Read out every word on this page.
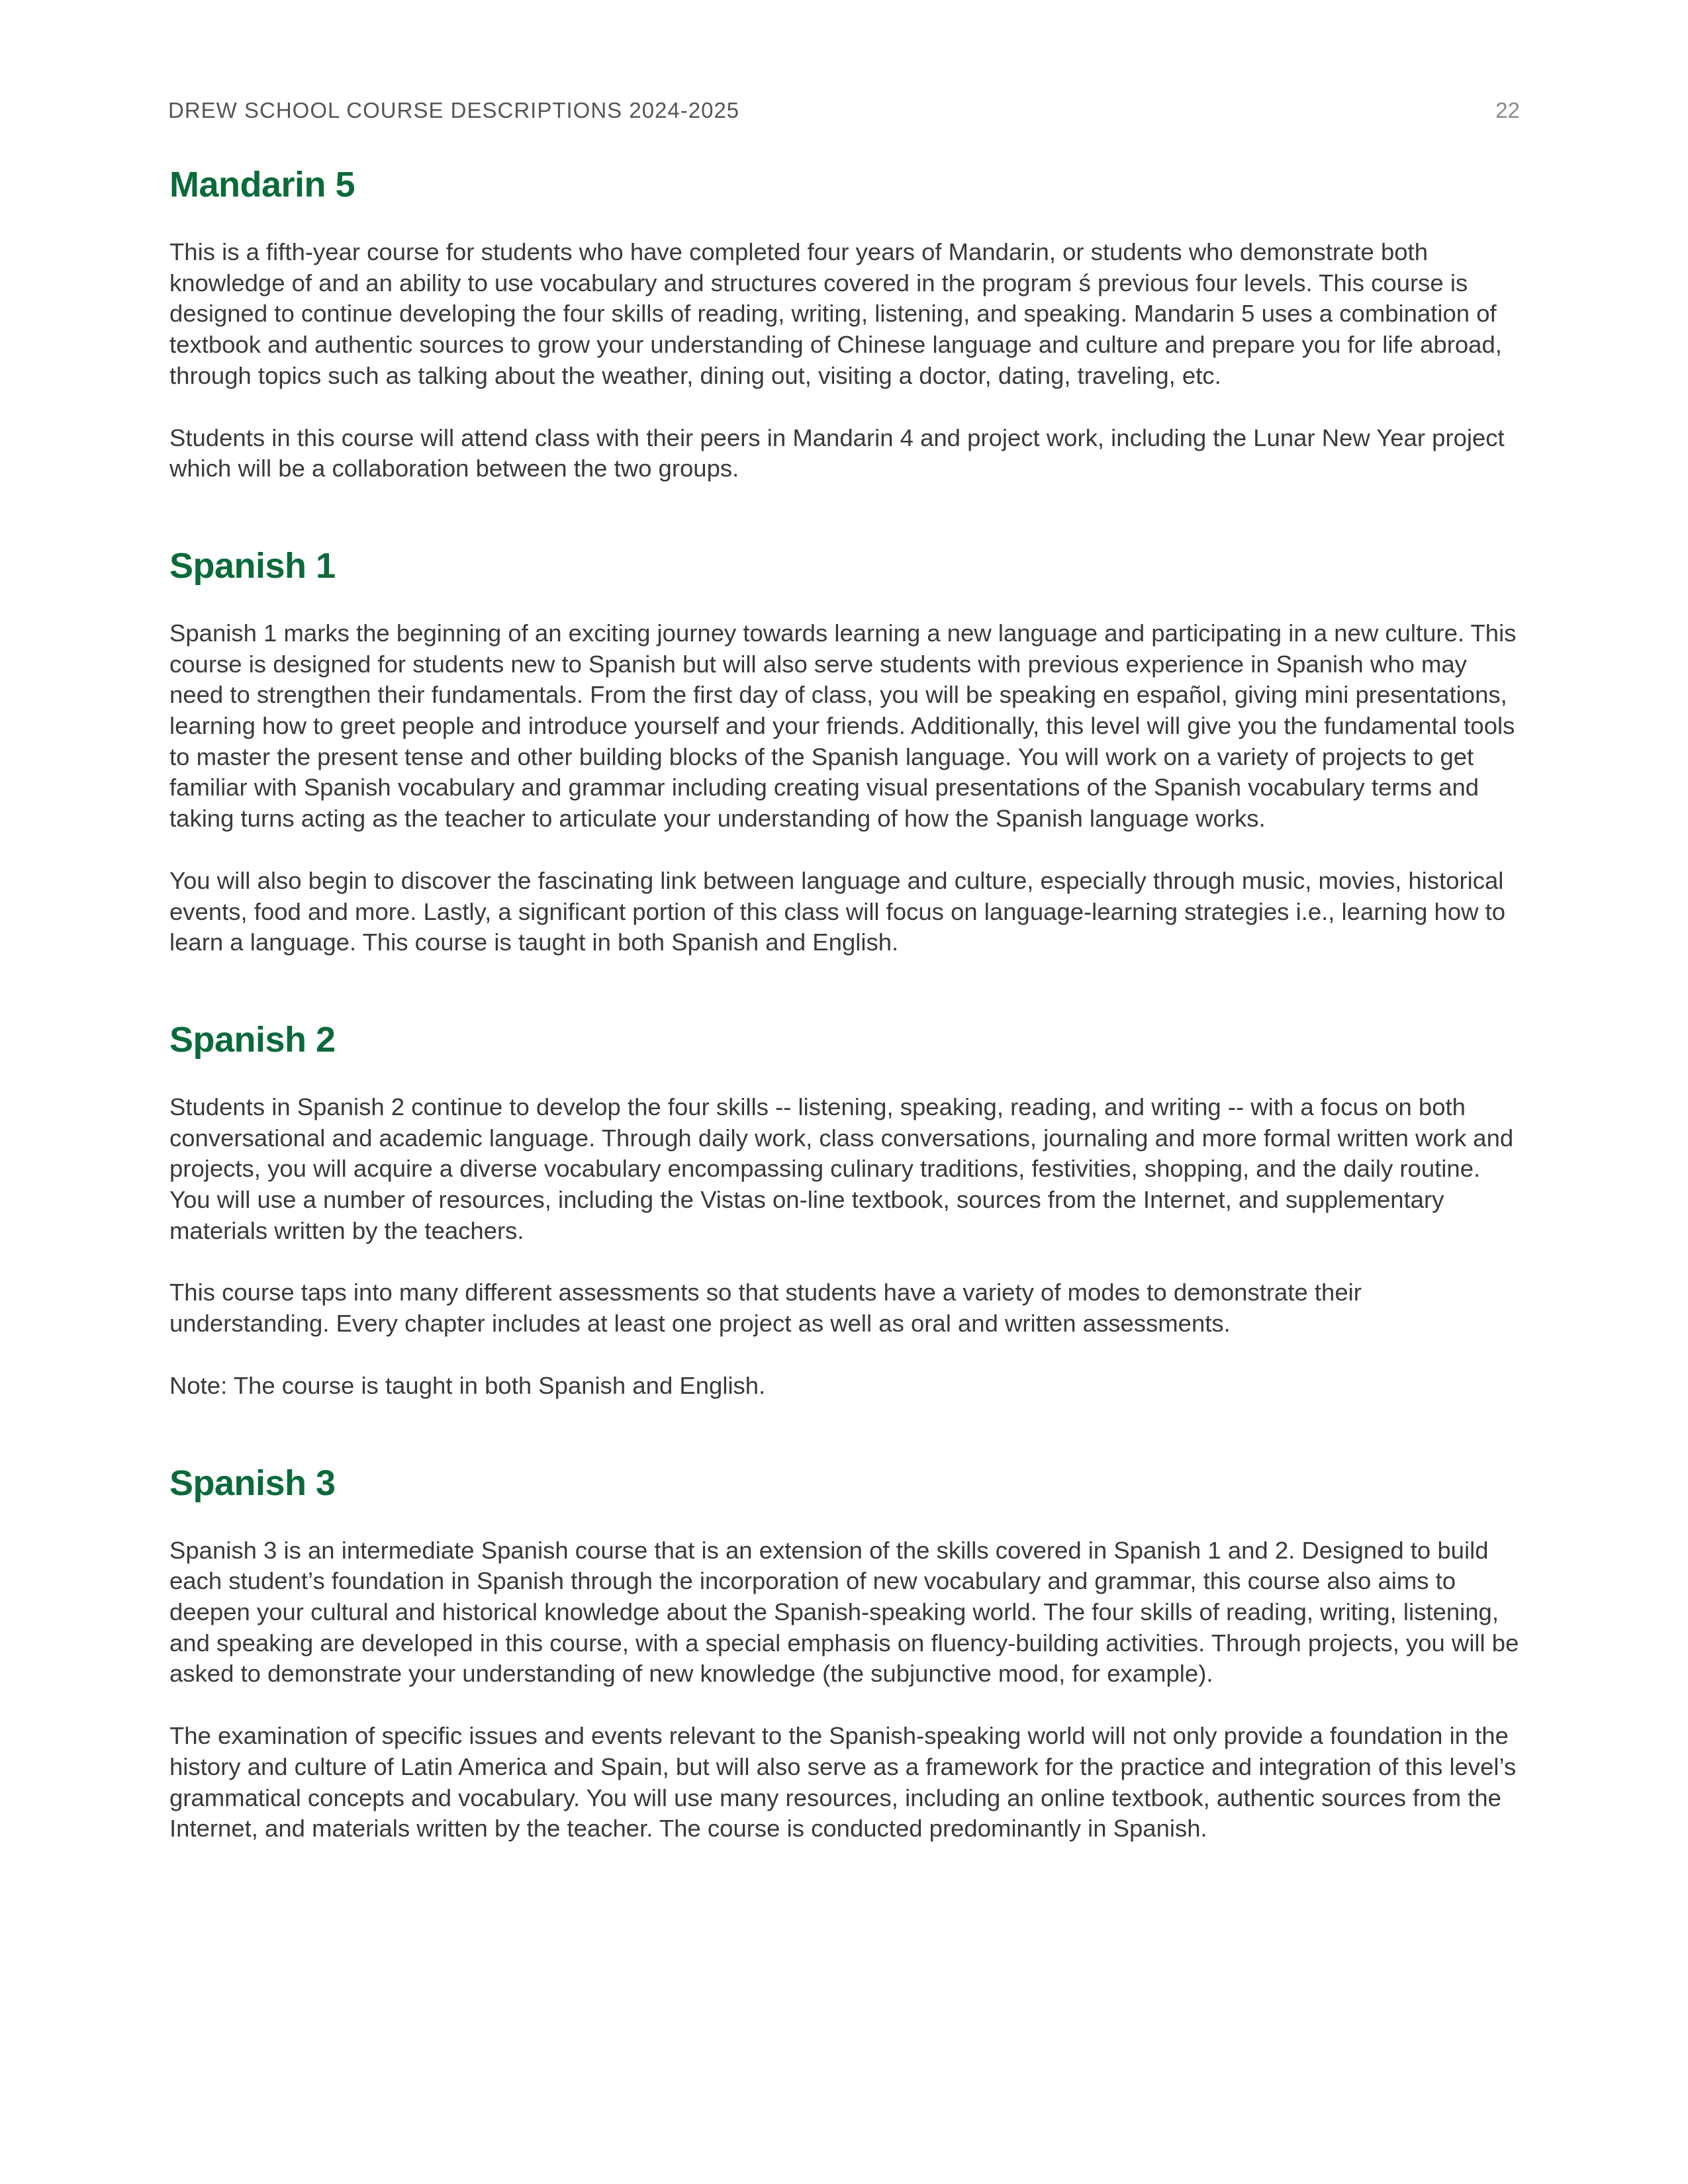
DREW SCHOOL COURSE DESCRIPTIONS 2024-2025	22
Mandarin 5

This is a fifth-year course for students who have completed four years of Mandarin, or students who demonstrate both knowledge of and an ability to use vocabulary and structures covered in the program ś previous four levels. This course is designed to continue developing the four skills of reading, writing, listening, and speaking. Mandarin 5 uses a combination of textbook and authentic sources to grow your understanding of Chinese language and culture and prepare you for life abroad, through topics such as talking about the weather, dining out, visiting a doctor, dating, traveling, etc.

Students in this course will attend class with their peers in Mandarin 4 and project work, including the Lunar New Year project which will be a collaboration between the two groups.

Spanish 1

Spanish 1 marks the beginning of an exciting journey towards learning a new language and participating in a new culture. This course is designed for students new to Spanish but will also serve students with previous experience in Spanish who may need to strengthen their fundamentals. From the first day of class, you will be speaking en español, giving mini presentations, learning how to greet people and introduce yourself and your friends. Additionally, this level will give you the fundamental tools to master the present tense and other building blocks of the Spanish language. You will work on a variety of projects to get familiar with Spanish vocabulary and grammar including creating visual presentations of the Spanish vocabulary terms and taking turns acting as the teacher to articulate your understanding of how the Spanish language works.

You will also begin to discover the fascinating link between language and culture, especially through music, movies, historical events, food and more. Lastly, a significant portion of this class will focus on language-learning strategies i.e., learning how to learn a language. This course is taught in both Spanish and English.

Spanish 2

Students in Spanish 2 continue to develop the four skills -- listening, speaking, reading, and writing -- with a focus on both conversational and academic language. Through daily work, class conversations, journaling and more formal written work and projects, you will acquire a diverse vocabulary encompassing culinary traditions, festivities, shopping, and the daily routine. You will use a number of resources, including the Vistas on-line textbook, sources from the Internet, and supplementary materials written by the teachers.

This course taps into many different assessments so that students have a variety of modes to demonstrate their understanding. Every chapter includes at least one project as well as oral and written assessments.

Note: The course is taught in both Spanish and English.

Spanish 3

Spanish 3 is an intermediate Spanish course that is an extension of the skills covered in Spanish 1 and 2. Designed to build each student’s foundation in Spanish through the incorporation of new vocabulary and grammar, this course also aims to deepen your cultural and historical knowledge about the Spanish-speaking world. The four skills of reading, writing, listening, and speaking are developed in this course, with a special emphasis on fluency-building activities. Through projects, you will be asked to demonstrate your understanding of new knowledge (the subjunctive mood, for example).

The examination of specific issues and events relevant to the Spanish-speaking world will not only provide a foundation in the history and culture of Latin America and Spain, but will also serve as a framework for the practice and integration of this level’s grammatical concepts and vocabulary. You will use many resources, including an online textbook, authentic sources from the Internet, and materials written by the teacher. The course is conducted predominantly in Spanish.
